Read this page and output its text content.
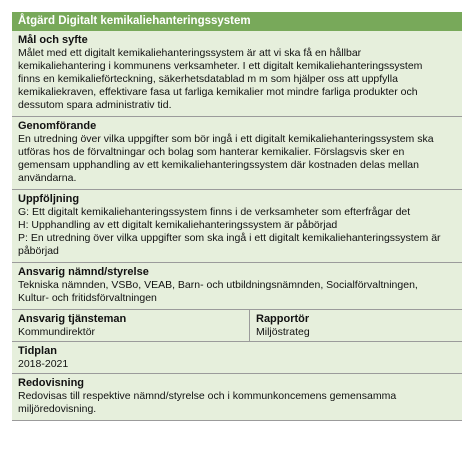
Åtgärd Digitalt kemikaliehanteringssystem
Mål och syfte
Målet med ett digitalt kemikaliehanteringssystem är att vi ska få en hållbar
kemikaliehantering i kommunens verksamheter. I ett digitalt kemikaliehanteringssystem
finns en kemikalieförteckning, säkerhetsdatablad m m som hjälper oss att uppfylla
kemikaliekraven, effektivare fasa ut farliga kemikalier mot mindre farliga produkter och
dessutom spara administrativ tid.
Genomförande
En utredning över vilka uppgifter som bör ingå i ett digitalt kemikaliehanteringssystem ska
utföras hos de förvaltningar och bolag som hanterar kemikalier. Förslagsvis sker en
gemensam upphandling av ett kemikaliehanteringssystem där kostnaden delas mellan
användarna.
Uppföljning
G: Ett digitalt kemikaliehanteringssystem finns i de verksamheter som efterfrågar det
H: Upphandling av ett digitalt kemikaliehanteringssystem är påbörjad
P: En utredning över vilka uppgifter som ska ingå i ett digitalt kemikaliehanteringssystem är
påbörjad
Ansvarig nämnd/styrelse
Tekniska nämnden, VSBo, VEAB, Barn- och utbildningsnämnden, Socialförvaltningen,
Kultur- och fritidsförvaltningen
Ansvarig tjänsteman
Kommundirektör
Rapportör
Miljöstrateg
Tidplan
2018-2021
Redovisning
Redovisas till respektive nämnd/styrelse och i kommunkoncemens gemensamma
miljöredovisning.
